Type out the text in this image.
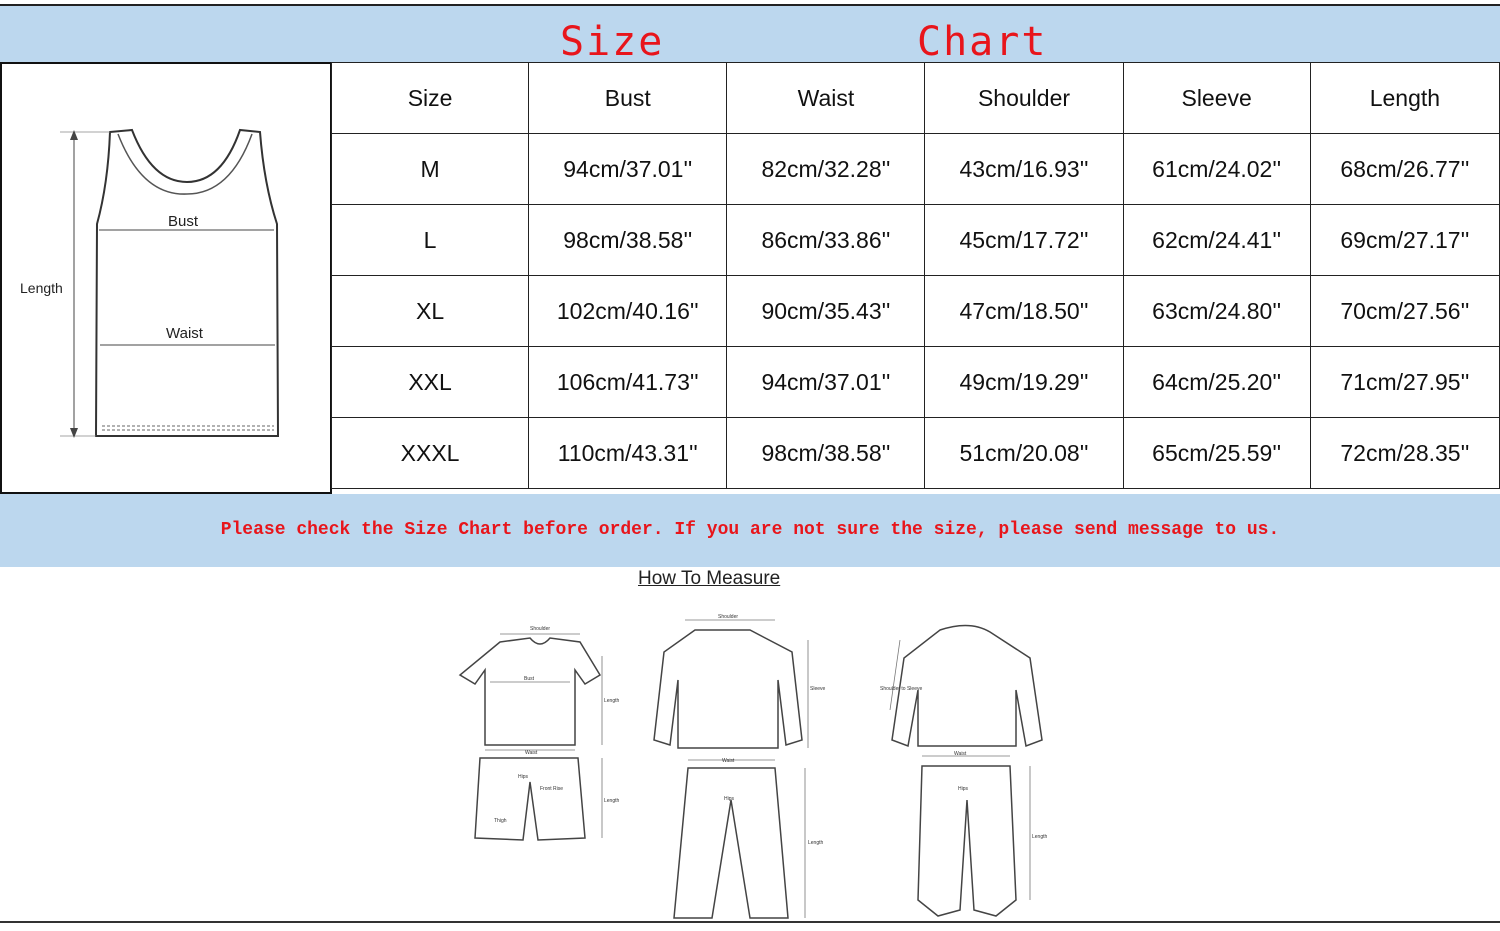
Size	Chart
Bust
Waist
Length
Size	Bust	Waist	Shoulder	Sleeve	Length
M	94cm/37.01''	82cm/32.28''	43cm/16.93''	61cm/24.02''	68cm/26.77''
L	98cm/38.58''	86cm/33.86''	45cm/17.72''	62cm/24.41''	69cm/27.17''
XL	102cm/40.16''	90cm/35.43''	47cm/18.50''	63cm/24.80''	70cm/27.56''
XXL	106cm/41.73''	94cm/37.01''	49cm/19.29''	64cm/25.20''	71cm/27.95''
XXXL	110cm/43.31''	98cm/38.58''	51cm/20.08''	65cm/25.59''	72cm/28.35''
Please check the Size Chart before order. If you are not sure the size, please send message to us.
How To Measure
Shoulder
Bust
Length
Waist
Hips
Front Rise
Thigh
Length
Shoulder
Sleeve
Waist
Hips
Length
Shoulder to Sleeve
Waist
Hips
Length
